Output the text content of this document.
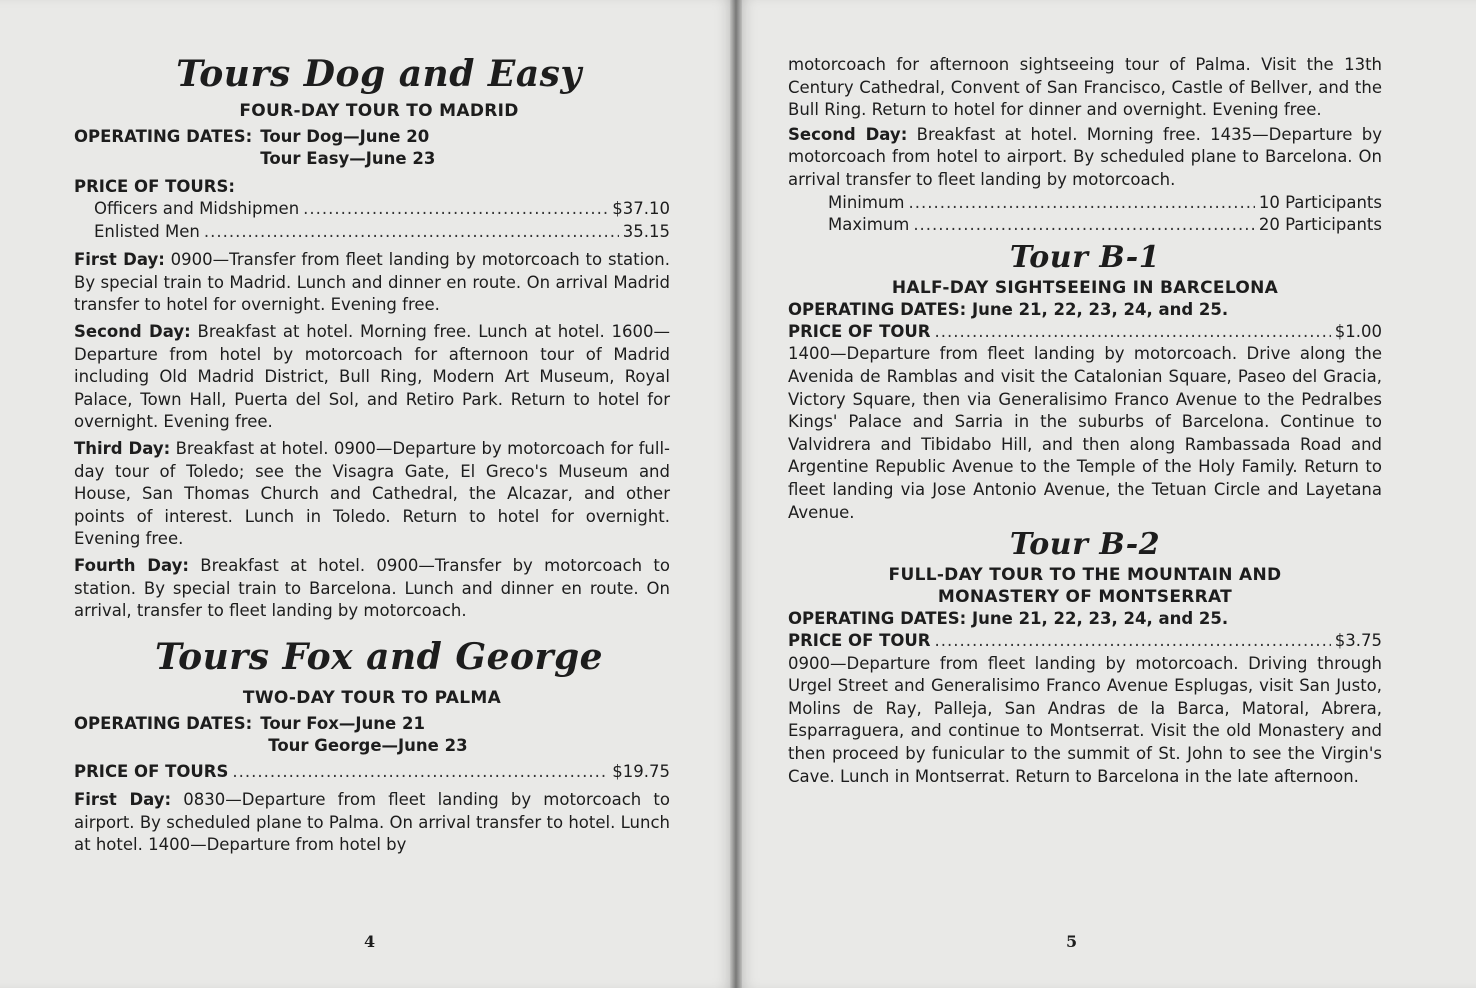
Tours Dog and Easy
FOUR-DAY TOUR TO MADRID
OPERATING DATES: Tour Dog—June 20
Tour Easy—June 23
PRICE OF TOURS:
Officers and Midshipmen .....	$37.10
Enlisted Men .....	35.15

First Day: 0900—Transfer from fleet landing by motorcoach to station. By special train to Madrid. Lunch and dinner en route. On arrival Madrid transfer to hotel for overnight. Evening free.

Second Day: Breakfast at hotel. Morning free. Lunch at hotel. 1600—Departure from hotel by motorcoach for afternoon tour of Madrid including Old Madrid District, Bull Ring, Modern Art Museum, Royal Palace, Town Hall, Puerta del Sol, and Retiro Park. Return to hotel for overnight. Evening free.

Third Day: Breakfast at hotel. 0900—Departure by motorcoach for full-day tour of Toledo; see the Visagra Gate, El Greco's Museum and House, San Thomas Church and Cathedral, the Alcazar, and other points of interest. Lunch in Toledo. Return to hotel for overnight. Evening free.

Fourth Day: Breakfast at hotel. 0900—Transfer by motorcoach to station. By special train to Barcelona. Lunch and dinner en route. On arrival, transfer to fleet landing by motorcoach.

Tours Fox and George
TWO-DAY TOUR TO PALMA
OPERATING DATES: Tour Fox—June 21
Tour George—June 23
PRICE OF TOURS .....	$19.75

First Day: 0830—Departure from fleet landing by motorcoach to airport. By scheduled plane to Palma. On arrival transfer to hotel. Lunch at hotel. 1400—Departure from hotel by

4

motorcoach for afternoon sightseeing tour of Palma. Visit the 13th Century Cathedral, Convent of San Francisco, Castle of Bellver, and the Bull Ring. Return to hotel for dinner and overnight. Evening free.

Second Day: Breakfast at hotel. Morning free. 1435—Departure by motorcoach from hotel to airport. By scheduled plane to Barcelona. On arrival transfer to fleet landing by motorcoach.

Minimum .....	10 Participants
Maximum .....	20 Participants
Tour B-1
HALF-DAY SIGHTSEEING IN BARCELONA
OPERATING DATES: June 21, 22, 23, 24, and 25.
PRICE OF TOUR .....	$1.00

1400—Departure from fleet landing by motorcoach. Drive along the Avenida de Ramblas and visit the Catalonian Square, Paseo del Gracia, Victory Square, then via Generalisimo Franco Avenue to the Pedralbes Kings' Palace and Sarria in the suburbs of Barcelona. Continue to Valvidrera and Tibidabo Hill, and then along Rambassada Road and Argentine Republic Avenue to the Temple of the Holy Family. Return to fleet landing via Jose Antonio Avenue, the Tetuan Circle and Layetana Avenue.

Tour B-2
FULL-DAY TOUR TO THE MOUNTAIN AND
MONASTERY OF MONTSERRAT
OPERATING DATES: June 21, 22, 23, 24, and 25.
PRICE OF TOUR .....	$3.75

0900—Departure from fleet landing by motorcoach. Driving through Urgel Street and Generalisimo Franco Avenue Esplugas, visit San Justo, Molins de Ray, Palleja, San Andras de la Barca, Matoral, Abrera, Esparraguera, and continue to Montserrat. Visit the old Monastery and then proceed by funicular to the summit of St. John to see the Virgin's Cave. Lunch in Montserrat. Return to Barcelona in the late afternoon.

5
